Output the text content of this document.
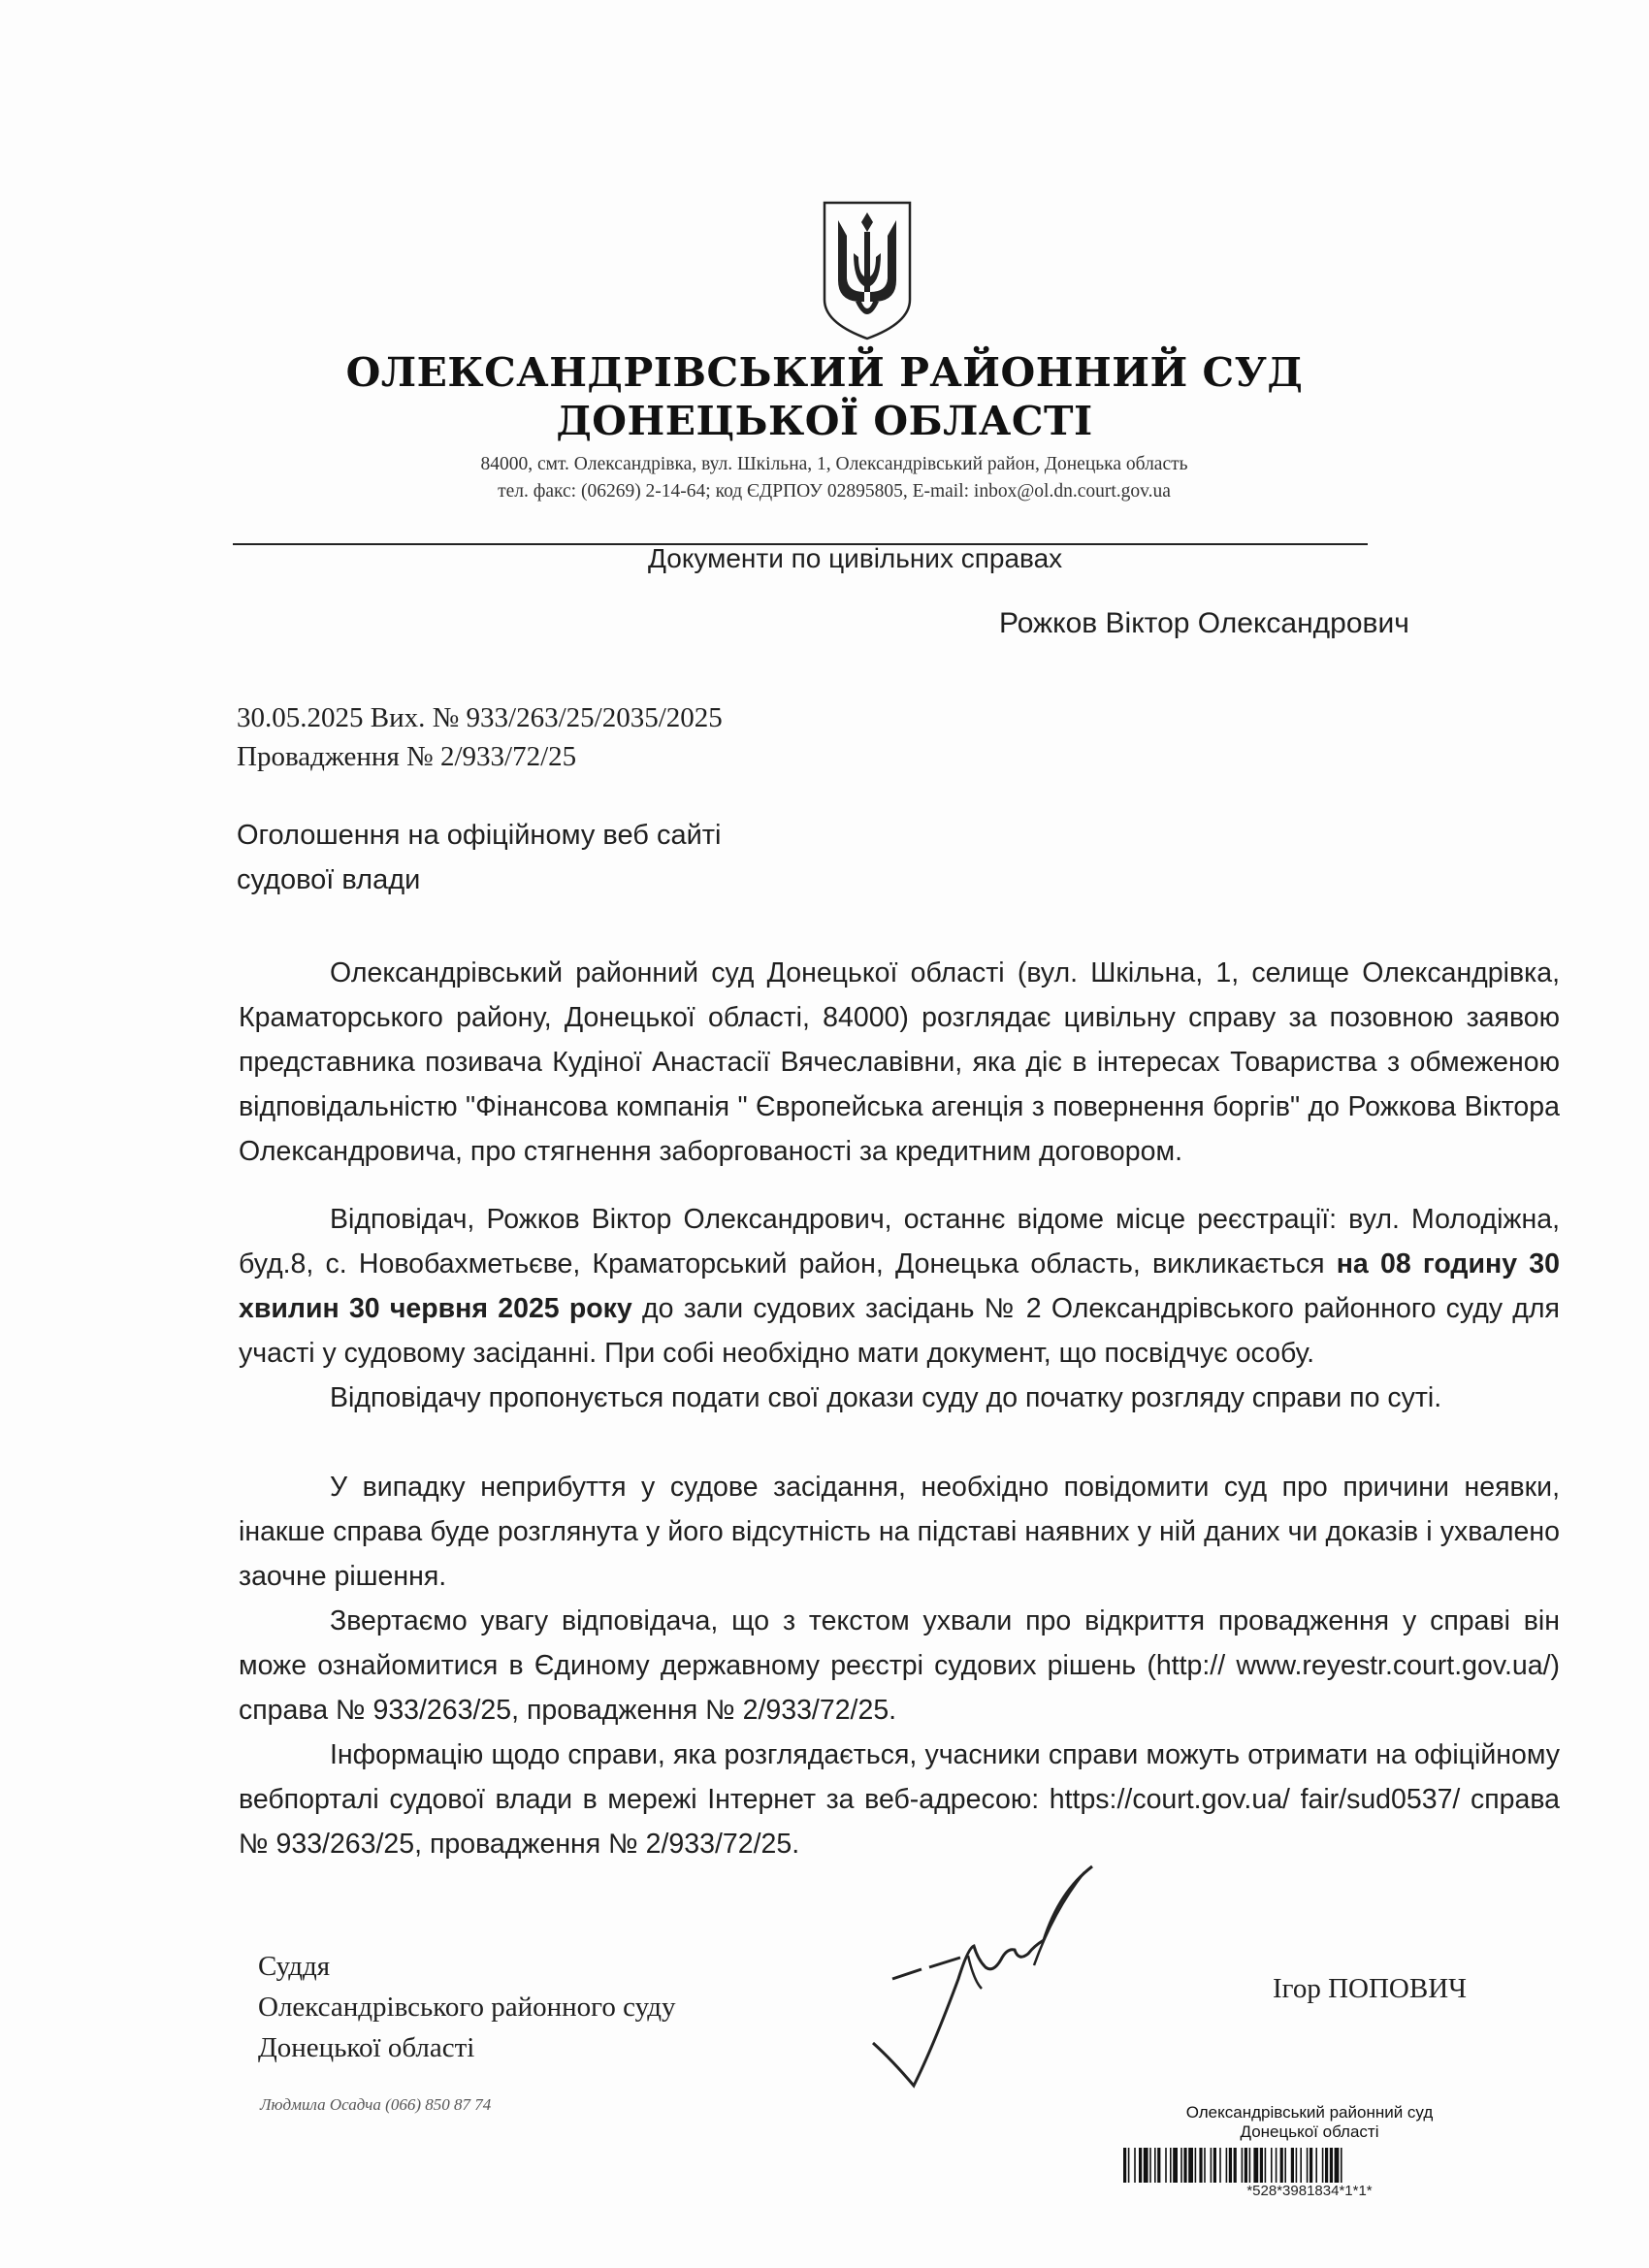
ОЛЕКСАНДРІВСЬКИЙ РАЙОННИЙ СУД
ДОНЕЦЬКОЇ ОБЛАСТІ
84000, смт. Олександрівка, вул. Шкільна, 1, Олександрівський район, Донецька область
тел. факс: (06269) 2-14-64; код ЄДРПОУ 02895805, E-mail: inbox@ol.dn.court.gov.ua
Документи по цивільних справах
Рожков Віктор Олександрович
30.05.2025 Вих. № 933/263/25/2035/2025
Провадження № 2/933/72/25
Оголошення на офіційному веб сайті
судової влади
Олександрівський районний суд Донецької області (вул. Шкільна, 1, селище Олександрівка, Краматорського району, Донецької області, 84000) розглядає цивільну справу за позовною заявою представника позивача Кудіної Анастасії Вячеславівни, яка діє в інтересах Товариства з обмеженою відповідальністю "Фінансова компанія " Європейська агенція з повернення боргів" до Рожкова Віктора Олександровича, про стягнення заборгованості за кредитним договором.
Відповідач, Рожков Віктор Олександрович, останнє відоме місце реєстрації: вул. Молодіжна, буд.8, с. Новобахметьєве, Краматорський район, Донецька область, викликається на 08 годину 30 хвилин 30 червня 2025 року до зали судових засідань № 2 Олександрівського районного суду для участі у судовому засіданні. При собі необхідно мати документ, що посвідчує особу.
Відповідачу пропонується подати свої докази суду до початку розгляду справи по суті.
У випадку неприбуття у судове засідання, необхідно повідомити суд про причини неявки, інакше справа буде розглянута у його відсутність на підставі наявних у ній даних чи доказів і ухвалено заочне рішення.
Звертаємо увагу відповідача, що з текстом ухвали про відкриття провадження у справі він може ознайомитися в Єдиному державному реєстрі судових рішень (http:// www.reyestr.court.gov.ua/) справа № 933/263/25, провадження № 2/933/72/25.
Інформацію щодо справи, яка розглядається, учасники справи можуть отримати на офіційному вебпорталі судової влади в мережі Інтернет за веб-адресою: https://court.gov.ua/ fair/sud0537/ справа № 933/263/25, провадження № 2/933/72/25.
Суддя
Олександрівського районного суду
Донецької області
Ігор ПОПОВИЧ
Людмила Осадча (066) 850 87 74	Олександрівський районний суд
Донецької області
*528*3981834*1*1*
